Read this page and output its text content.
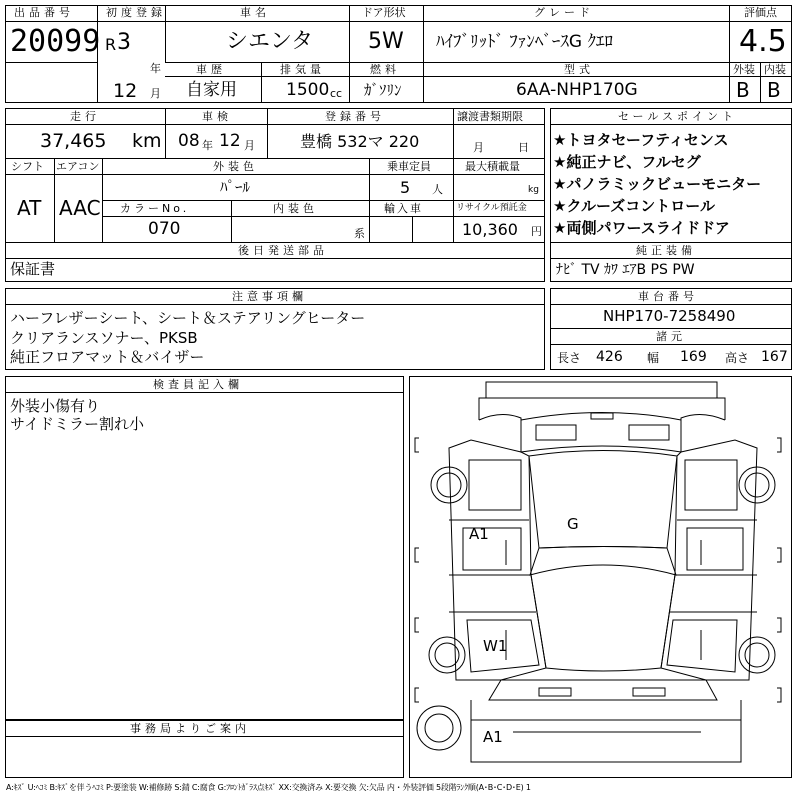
出品番号
20099
初度登録
R 3
年
12 月
車名
シエンタ
ドア形状
5W
グレード
ﾊｲﾌﾞﾘｯﾄﾞ ﾌｧﾝﾍﾞｰｽG ｸｴﾛ
評価点
4.5
車歴
自家用
排気量
1500 cc
燃料
ｶﾞｿﾘﾝ
型式
6AA-NHP170G
外装
B
内装
B
走行
37,465 km
車検
08 年 12 月
登録番号
豊橋 532マ 220
譲渡書類期限
月	日
シフト
AT
エアコン
AAC
外装色
ﾊﾟｰﾙ
乗車定員
5 人
最大積載量
kg
カラーNo.
070
内装色
系
輸入車	リサイクル預託金
10,360 円
後日発送部品
保証書
セールスポイント
★トヨタセーフティセンス
★純正ナビ、フルセグ
★パノラミックビューモニター
★クルーズコントロール
★両側パワースライドドア
純正装備
ﾅﾋﾞ TV ｶﾜ ｴｱB PS PW
注意事項欄
ハーフレザーシート、シート＆ステアリングヒーター
クリアランスソナー、PKSB
純正フロアマット＆バイザー
車台番号
NHP170-7258490
諸元
長さ 426 幅 169 高さ 167
検査員記入欄
外装小傷有り
サイドミラー割れ小
事務局よりご案内
A1
G
W1
A1
A:ｷｽﾞ U:ﾍｺﾐ B:ｷｽﾞを伴うﾍｺﾐ P:要塗装 W:補修跡 S:錆 C:腐食 G:ﾌﾛﾝﾄｶﾞﾗｽ点ｷｽﾞ XX:交換済み X:要交換 欠:欠品 内・外装評価 5段階ﾗﾝｸ順(A･B･C･D･E) 1
